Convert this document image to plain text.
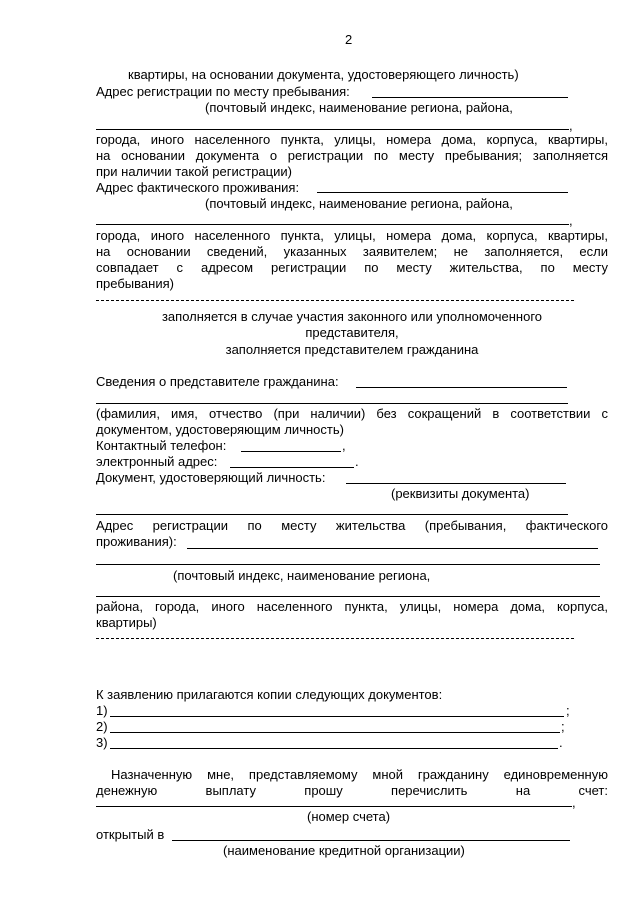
2
квартиры, на основании документа, удостоверяющего личность)
Адрес регистрации по месту пребывания:
(почтовый индекс, наименование региона, района,
,
города, иного населенного пункта, улицы, номера дома, корпуса, квартиры,
на основании документа о регистрации по месту пребывания; заполняется
при наличии такой регистрации)
Адрес фактического проживания:
(почтовый индекс, наименование региона, района,
,
города, иного населенного пункта, улицы, номера дома, корпуса, квартиры,
на основании сведений, указанных заявителем; не заполняется, если
совпадает с адресом регистрации по месту жительства, по месту
пребывания)
заполняется в случае участия законного или уполномоченного
представителя,
заполняется представителем гражданина
Сведения о представителе гражданина:
(фамилия, имя, отчество (при наличии) без сокращений в соответствии с
документом, удостоверяющим личность)
Контактный телефон:	,
электронный адрес:	.
Документ, удостоверяющий личность:
(реквизиты документа)
Адрес регистрации по месту жительства (пребывания, фактического
проживания):
(почтовый индекс, наименование региона,
района, города, иного населенного пункта, улицы, номера дома, корпуса,
квартиры)
К заявлению прилагаются копии следующих документов:
1)	;
2)	;
3)	.
Назначенную мне, представляемому мной гражданину единовременную
денежную выплату прошу перечислить на счет:
,
(номер счета)
открытый в
(наименование кредитной организации)
